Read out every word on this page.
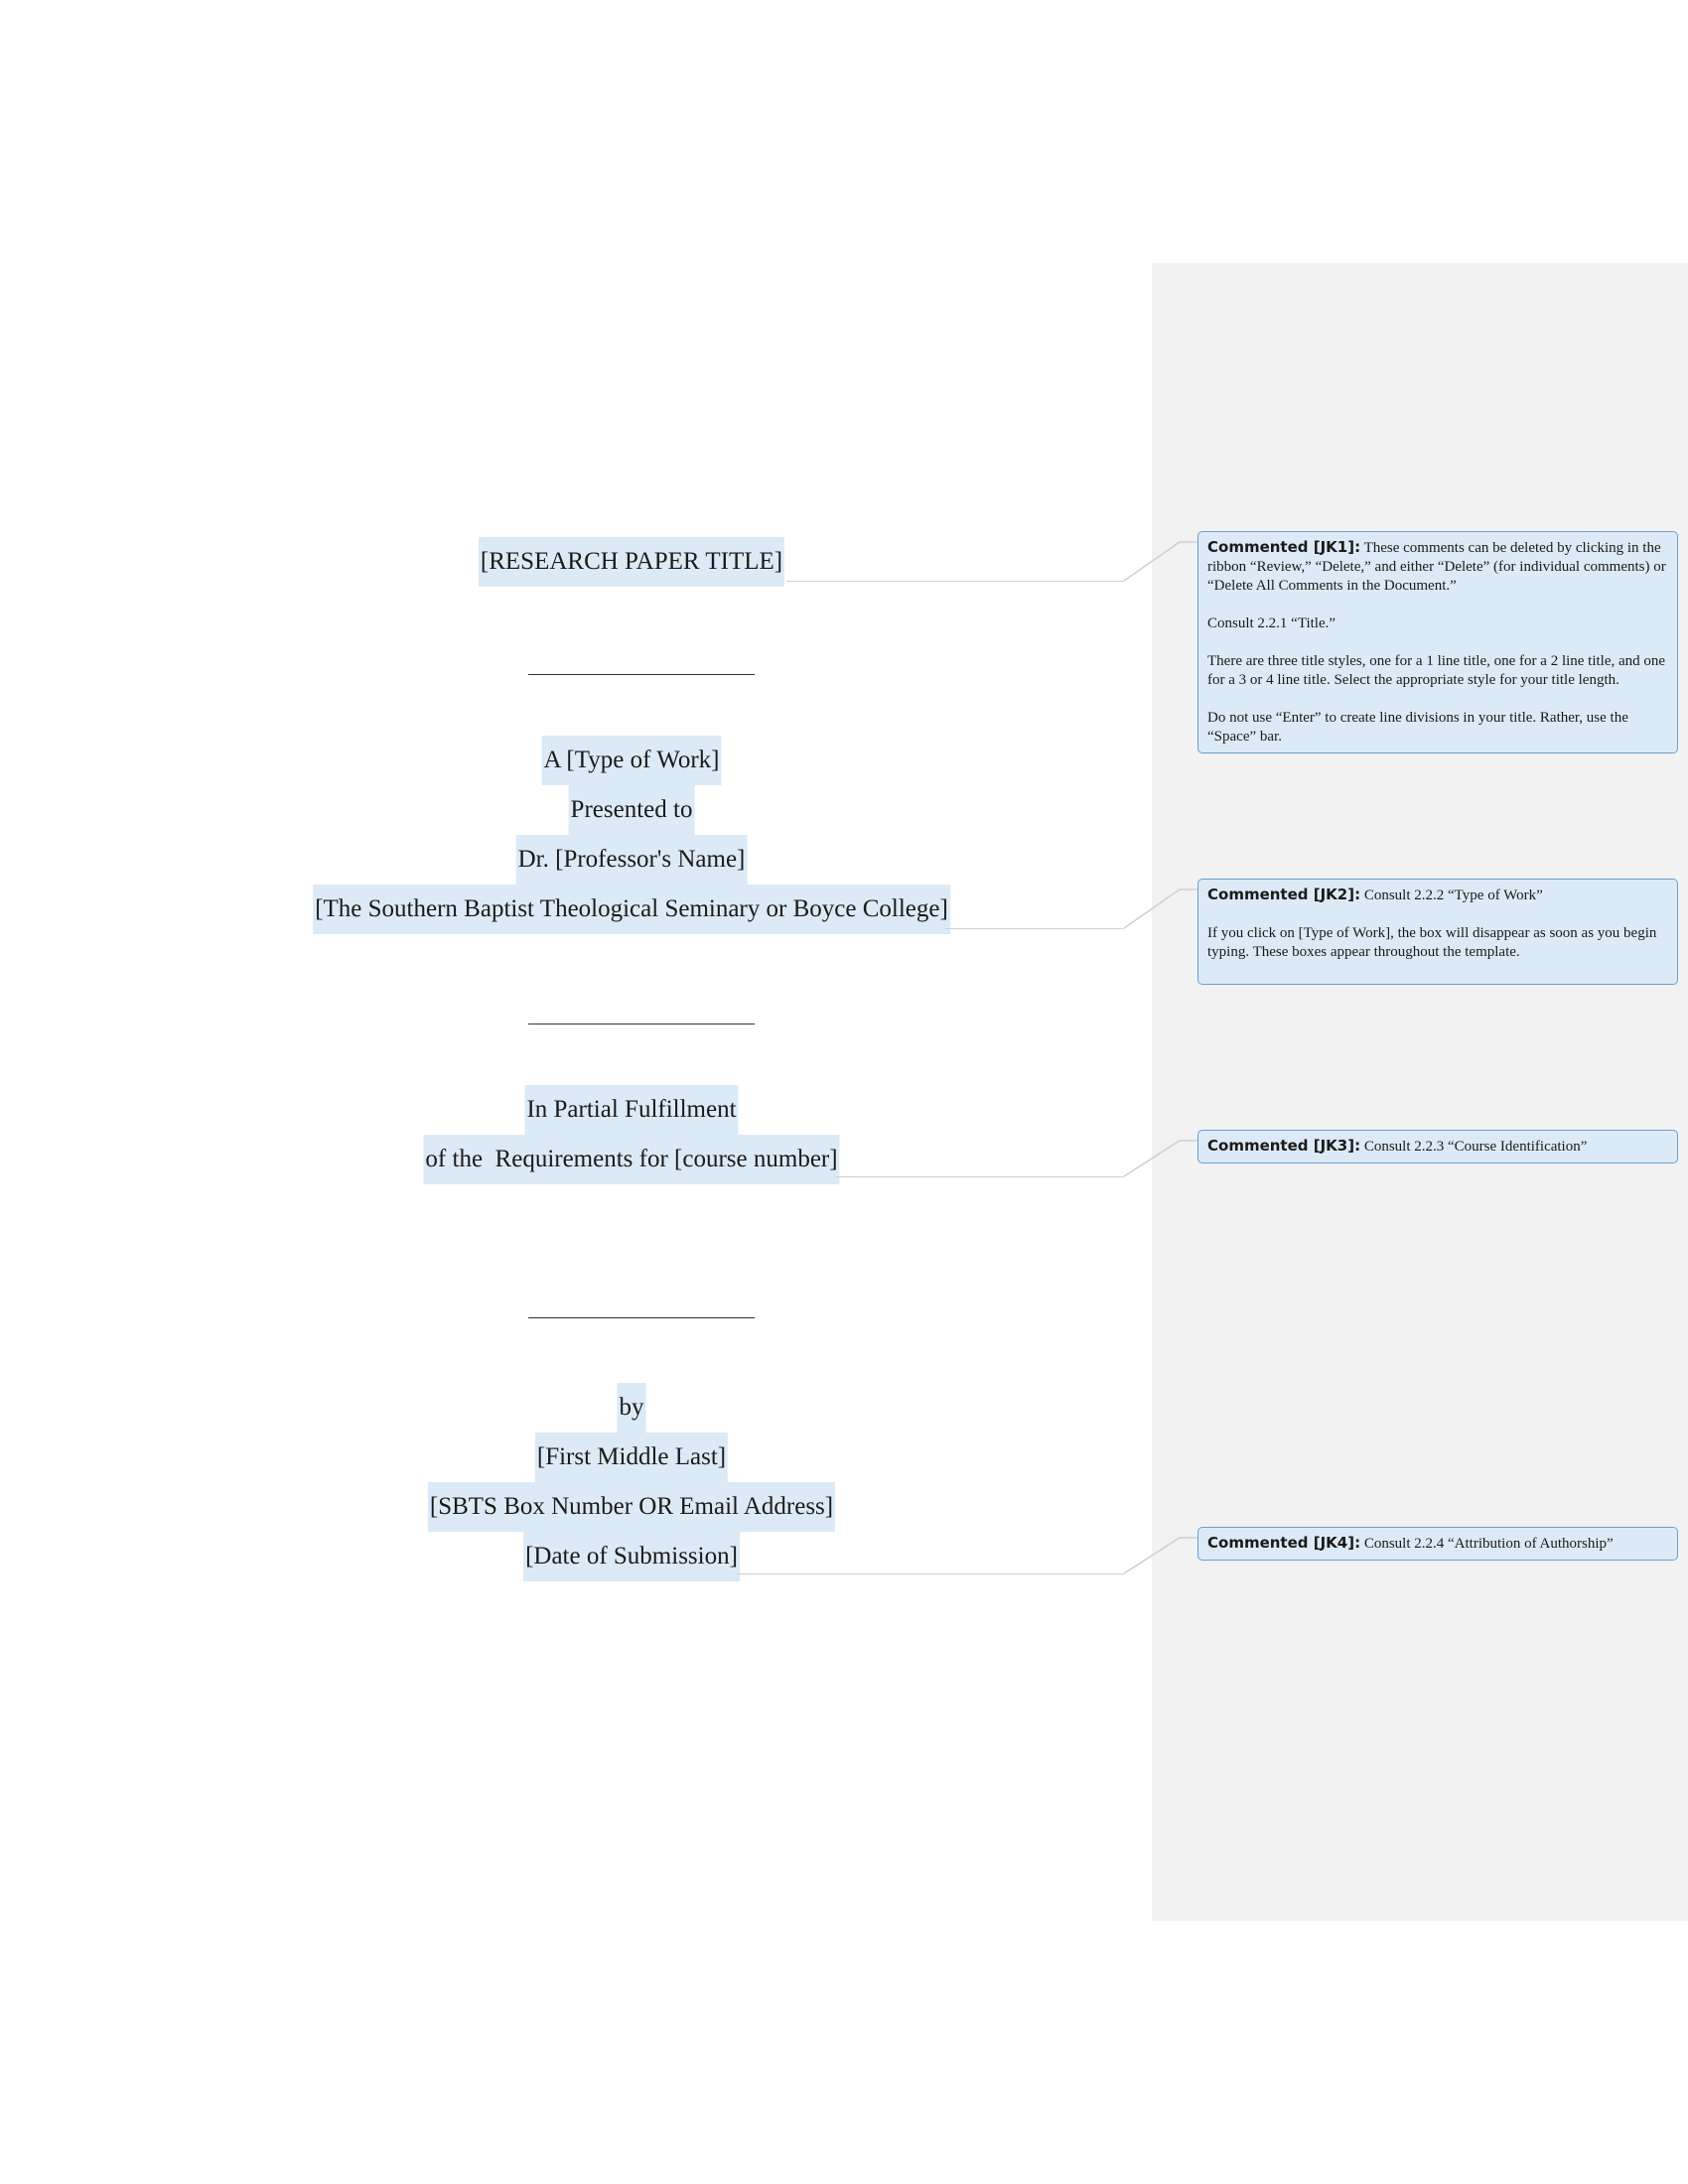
[RESEARCH PAPER TITLE]
A [Type of Work]
Presented to
Dr. [Professor's Name]
[The Southern Baptist Theological Seminary or Boyce College]
In Partial Fulfillment
of the  Requirements for [course number]
by
[First Middle Last]
[SBTS Box Number OR Email Address]
[Date of Submission]

Commented [JK1]: These comments can be deleted by clicking in the ribbon “Review,” “Delete,” and either “Delete” (for individual comments) or “Delete All Comments in the Document.”

Consult 2.2.1 “Title.”

There are three title styles, one for a 1 line title, one for a 2 line title, and one for a 3 or 4 line title. Select the appropriate style for your title length.

Do not use “Enter” to create line divisions in your title. Rather, use the “Space” bar.

Commented [JK2]: Consult 2.2.2 “Type of Work”

If you click on [Type of Work], the box will disappear as soon as you begin typing. These boxes appear throughout the template.

Commented [JK3]: Consult 2.2.3 “Course Identification”

Commented [JK4]: Consult 2.2.4 “Attribution of Authorship”
